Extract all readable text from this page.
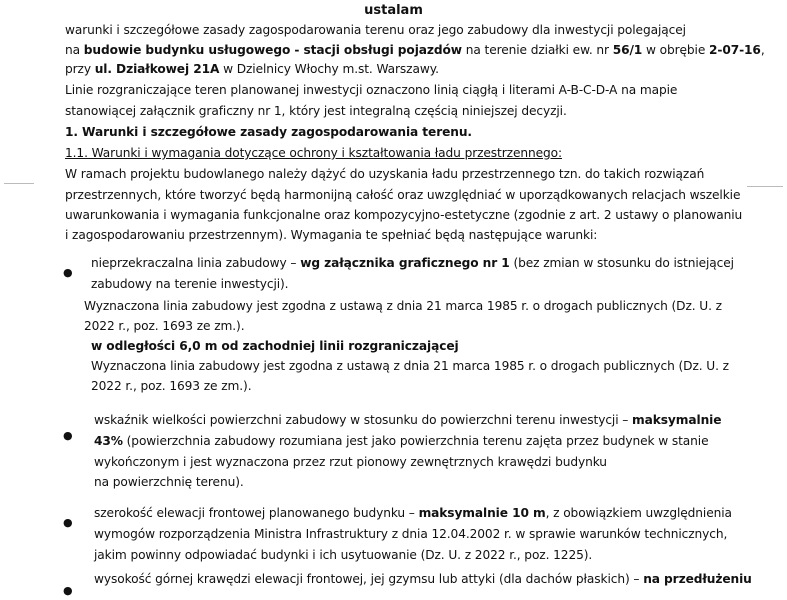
ustalam
warunki i szczegółowe zasady zagospodarowania terenu oraz jego zabudowy dla inwestycji polegającej
na budowie budynku usługowego - stacji obsługi pojazdów na terenie działki ew. nr 56/1 w obrębie 2-07-16,
przy ul. Działkowej 21A w Dzielnicy Włochy m.st. Warszawy.
Linie rozgraniczające teren planowanej inwestycji oznaczono linią ciągłą i literami A-B-C-D-A na mapie
stanowiącej załącznik graficzny nr 1, który jest integralną częścią niniejszej decyzji.
1. Warunki i szczegółowe zasady zagospodarowania terenu.
1.1. Warunki i wymagania dotyczące ochrony i kształtowania ładu przestrzennego:
W ramach projektu budowlanego należy dążyć do uzyskania ładu przestrzennego tzn. do takich rozwiązań
przestrzennych, które tworzyć będą harmonijną całość oraz uwzględniać w uporządkowanych relacjach wszelkie
uwarunkowania i wymagania funkcjonalne oraz kompozycyjno-estetyczne (zgodnie z art. 2 ustawy o planowaniu
i zagospodarowaniu przestrzennym). Wymagania te spełniać będą następujące warunki:
nieprzekraczalna linia zabudowy – wg załącznika graficznego nr 1 (bez zmian w stosunku do istniejącej
zabudowy na terenie inwestycji).
Wyznaczona linia zabudowy jest zgodna z ustawą z dnia 21 marca 1985 r. o drogach publicznych (Dz. U. z
2022 r., poz. 1693 ze zm.).
w odległości 6,0 m od zachodniej linii rozgraniczającej
Wyznaczona linia zabudowy jest zgodna z ustawą z dnia 21 marca 1985 r. o drogach publicznych (Dz. U. z
2022 r., poz. 1693 ze zm.).
wskaźnik wielkości powierzchni zabudowy w stosunku do powierzchni terenu inwestycji – maksymalnie
43% (powierzchnia zabudowy rozumiana jest jako powierzchnia terenu zajęta przez budynek w stanie
wykończonym i jest wyznaczona przez rzut pionowy zewnętrznych krawędzi budynku
na powierzchnię terenu).
szerokość elewacji frontowej planowanego budynku – maksymalnie 10 m, z obowiązkiem uwzględnienia
wymogów rozporządzenia Ministra Infrastruktury z dnia 12.04.2002 r. w sprawie warunków technicznych,
jakim powinny odpowiadać budynki i ich usytuowanie (Dz. U. z 2022 r., poz. 1225).
wysokość górnej krawędzi elewacji frontowej, jej gzymsu lub attyki (dla dachów płaskich) – na przedłużeniu
●
●
●
●
